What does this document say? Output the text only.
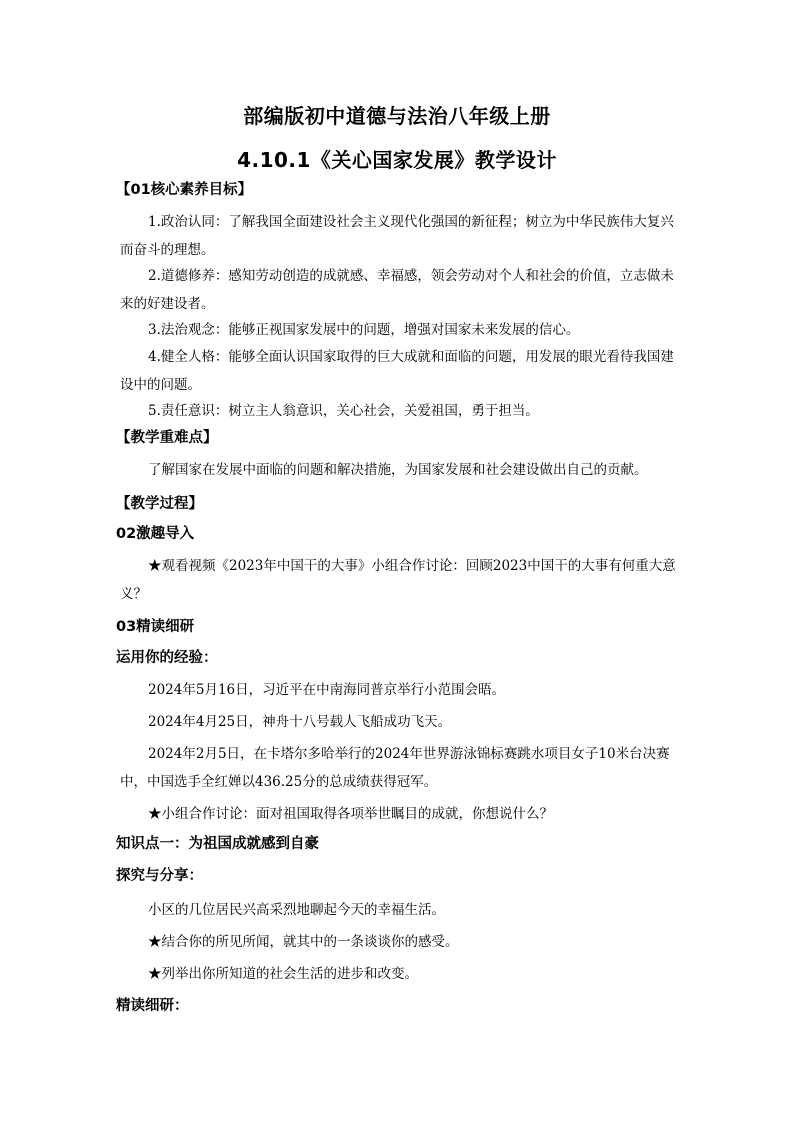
部编版初中道德与法治八年级上册
4.10.1《关心国家发展》教学设计
【01核心素养目标】
1.政治认同：了解我国全面建设社会主义现代化强国的新征程；树立为中华民族伟大复兴而奋斗的理想。
2.道德修养：感知劳动创造的成就感、幸福感，领会劳动对个人和社会的价值，立志做未来的好建设者。
3.法治观念：能够正视国家发展中的问题，增强对国家未来发展的信心。
4.健全人格：能够全面认识国家取得的巨大成就和面临的问题，用发展的眼光看待我国建设中的问题。
5.责任意识：树立主人翁意识，关心社会，关爱祖国，勇于担当。
【教学重难点】
了解国家在发展中面临的问题和解决措施，为国家发展和社会建设做出自己的贡献。
【教学过程】
02激趣导入
★观看视频《2023年中国干的大事》小组合作讨论：回顾2023中国干的大事有何重大意义？
03精读细研
运用你的经验：
2024年5月16日，习近平在中南海同普京举行小范围会晤。
2024年4月25日，神舟十八号载人飞船成功飞天。
2024年2月5日，在卡塔尔多哈举行的2024年世界游泳锦标赛跳水项目女子10米台决赛中，中国选手全红婵以436.25分的总成绩获得冠军。
★小组合作讨论：面对祖国取得各项举世瞩目的成就，你想说什么？
知识点一：为祖国成就感到自豪
探究与分享：
小区的几位居民兴高采烈地聊起今天的幸福生活。
★结合你的所见所闻，就其中的一条谈谈你的感受。
★列举出你所知道的社会生活的进步和改变。
精读细研：
